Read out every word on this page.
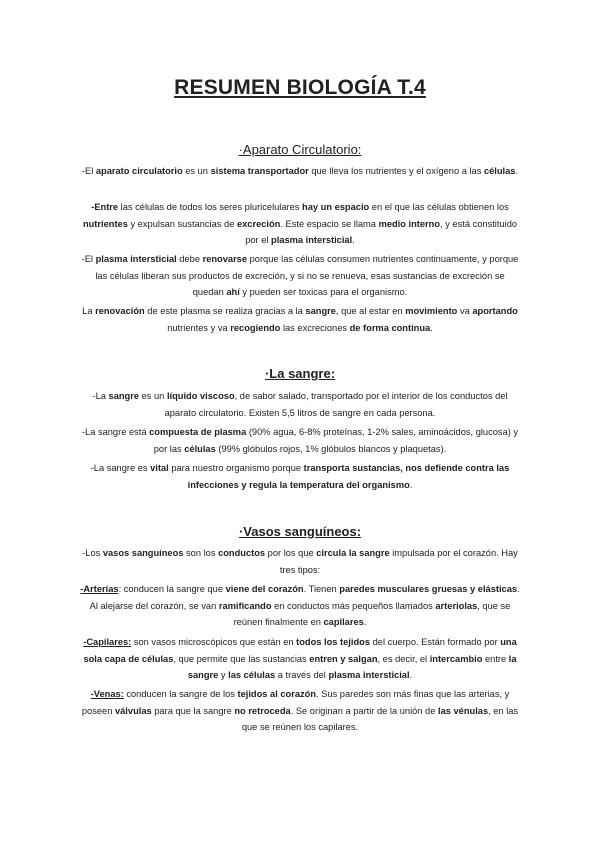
RESUMEN BIOLOGÍA T.4
·Aparato Circulatorio:

-El aparato circulatorio es un sistema transportador que lleva los nutrientes y el oxígeno a las células.

-Entre las células de todos los seres pluricelulares hay un espacio en el que las células obtienen los nutrientes y expulsan sustancias de excreción. Este espacio se llama medio interno, y está constituido por el plasma intersticial.

-El plasma intersticial debe renovarse porque las células consumen nutrientes continuamente, y porque las células liberan sus productos de excreción, y si no se renueva, esas sustancias de excreción se quedan ahí y pueden ser toxicas para el organismo.

La renovación de este plasma se realiza gracias a la sangre, que al estar en movimiento va aportando nutrientes y va recogiendo las excreciones de forma continua.

·La sangre:

-La sangre es un líquido viscoso, de sabor salado, transportado por el interior de los conductos del aparato circulatorio. Existen 5,5 litros de sangre en cada persona.

-La sangre está compuesta de plasma (90% agua, 6-8% proteínas, 1-2% sales, aminoácidos, glucosa) y por las células (99% glóbulos rojos, 1% glóbulos blancos y plaquetas).

-La sangre es vital para nuestro organismo porque transporta sustancias, nos defiende contra las infecciones y regula la temperatura del organismo.

·Vasos sanguíneos:

-Los vasos sanguíneos son los conductos por los que circula la sangre impulsada por el corazón. Hay tres tipos:

-Arterias: conducen la sangre que viene del corazón. Tienen paredes musculares gruesas y elásticas. Al alejarse del corazón, se van ramificando en conductos más pequeños llamados arteriolas, que se reúnen finalmente en capilares.

-Capilares: son vasos microscópicos que están en todos los tejidos del cuerpo. Están formado por una sola capa de células, que permite que las sustancias entren y salgan, es decir, el intercambio entre la sangre y las células a través del plasma intersticial.

-Venas: conducen la sangre de los tejidos al corazón. Sus paredes son más finas que las arterias, y poseen válvulas para que la sangre no retroceda. Se originan a partir de la unión de las vénulas, en las que se reúnen los capilares.
